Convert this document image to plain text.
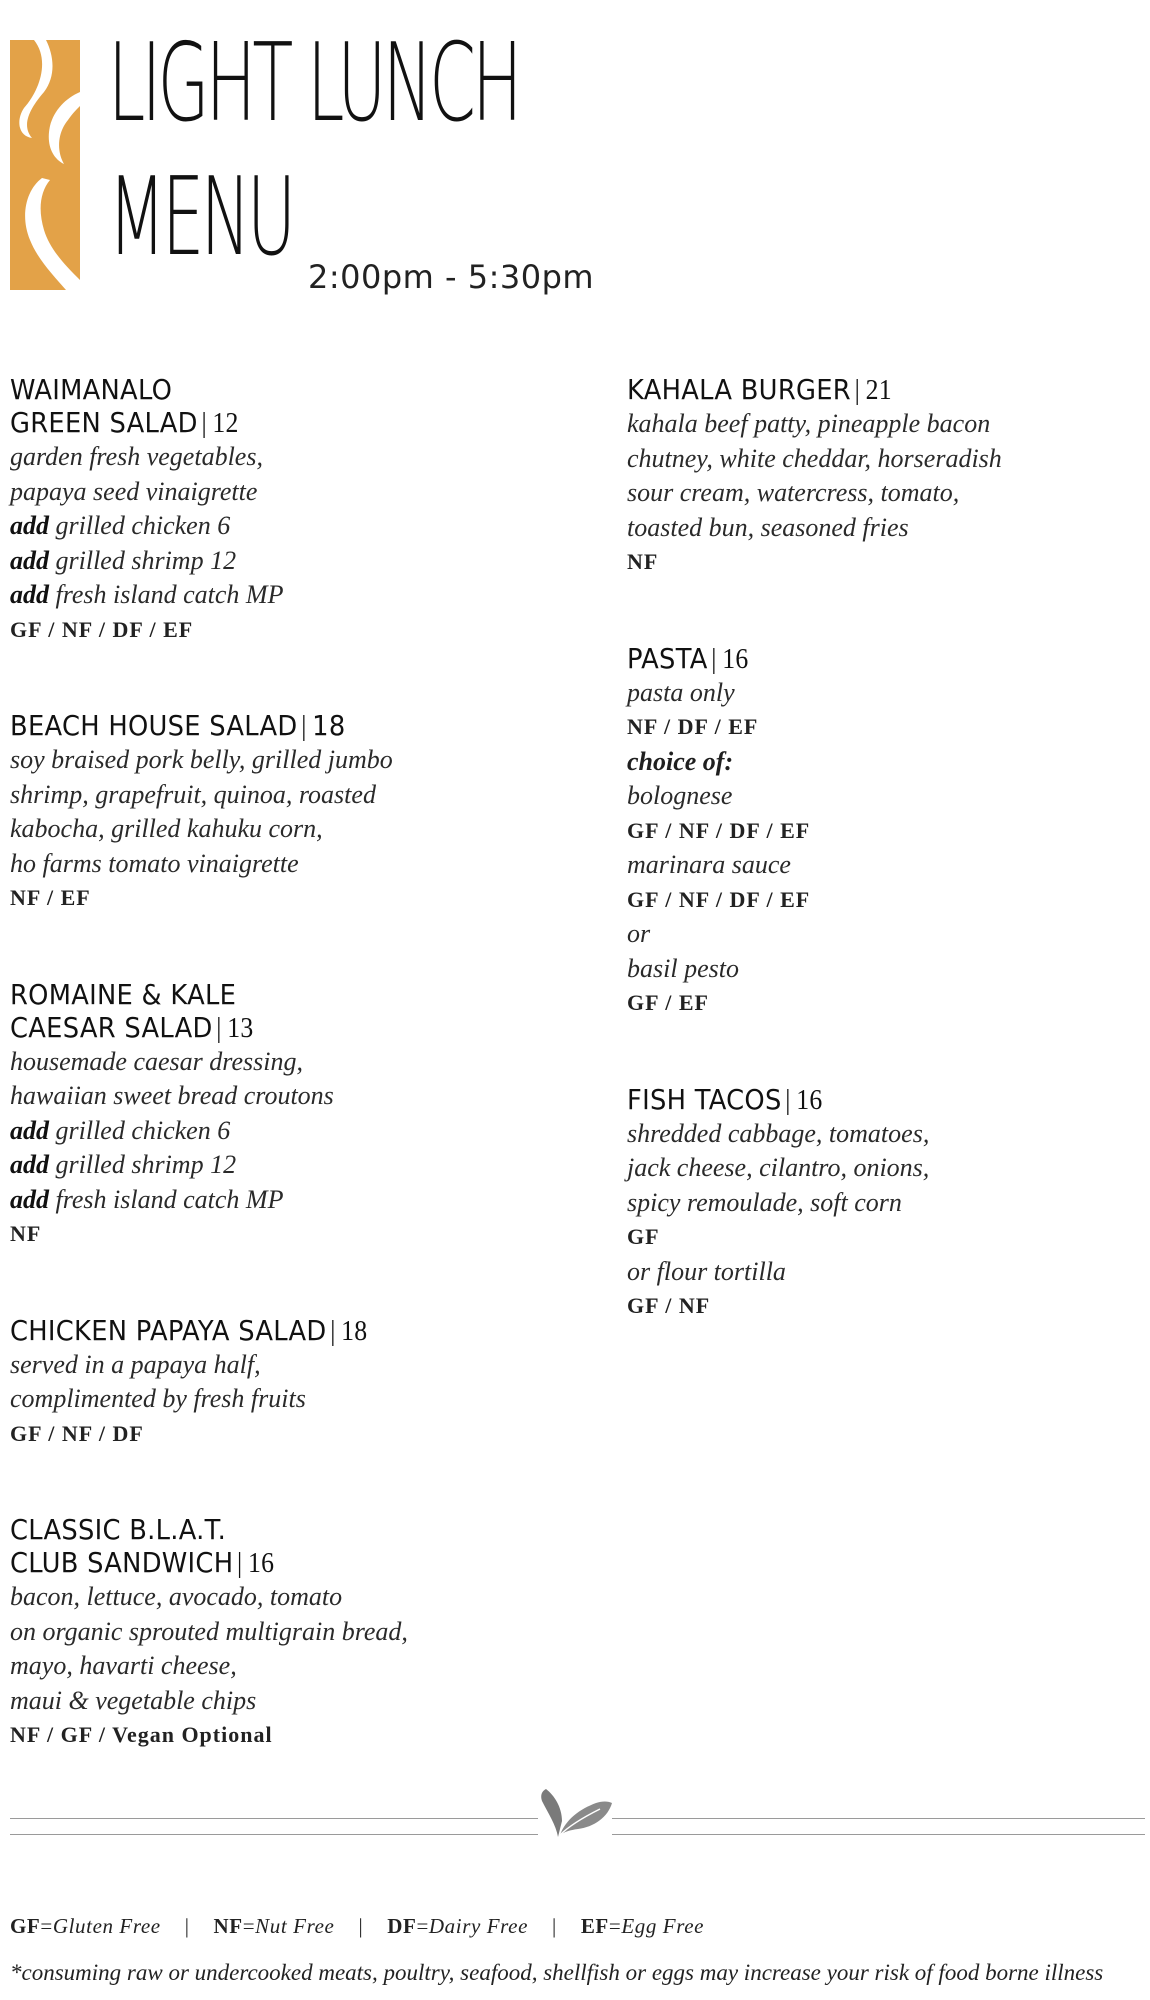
LIGHT LUNCH
MENU 2:00pm - 5:30pm
WAIMANALO
GREEN SALAD | 12
garden fresh vegetables,
papaya seed vinaigrette
add grilled chicken 6
add grilled shrimp 12
add fresh island catch MP
GF / NF / DF / EF
BEACH HOUSE SALAD | 18
soy braised pork belly, grilled jumbo
shrimp, grapefruit, quinoa, roasted
kabocha, grilled kahuku corn,
ho farms tomato vinaigrette
NF / EF
ROMAINE & KALE
CAESAR SALAD | 13
housemade caesar dressing,
hawaiian sweet bread croutons
add grilled chicken 6
add grilled shrimp 12
add fresh island catch MP
NF
CHICKEN PAPAYA SALAD | 18
served in a papaya half,
complimented by fresh fruits
GF / NF / DF
CLASSIC B.L.A.T.
CLUB SANDWICH | 16
bacon, lettuce, avocado, tomato
on organic sprouted multigrain bread,
mayo, havarti cheese,
maui & vegetable chips
NF / GF / Vegan Optional
KAHALA BURGER | 21
kahala beef patty, pineapple bacon
chutney, white cheddar, horseradish
sour cream, watercress, tomato,
toasted bun, seasoned fries
NF
PASTA | 16
pasta only
NF / DF / EF
choice of:
bolognese
GF / NF / DF / EF
marinara sauce
GF / NF / DF / EF
or
basil pesto
GF / EF
FISH TACOS | 16
shredded cabbage, tomatoes,
jack cheese, cilantro, onions,
spicy remoulade, soft corn
GF
or flour tortilla
GF / NF
GF=Gluten Free | NF=Nut Free | DF=Dairy Free | EF=Egg Free
*consuming raw or undercooked meats, poultry, seafood, shellfish or eggs may increase your risk of food borne illness
